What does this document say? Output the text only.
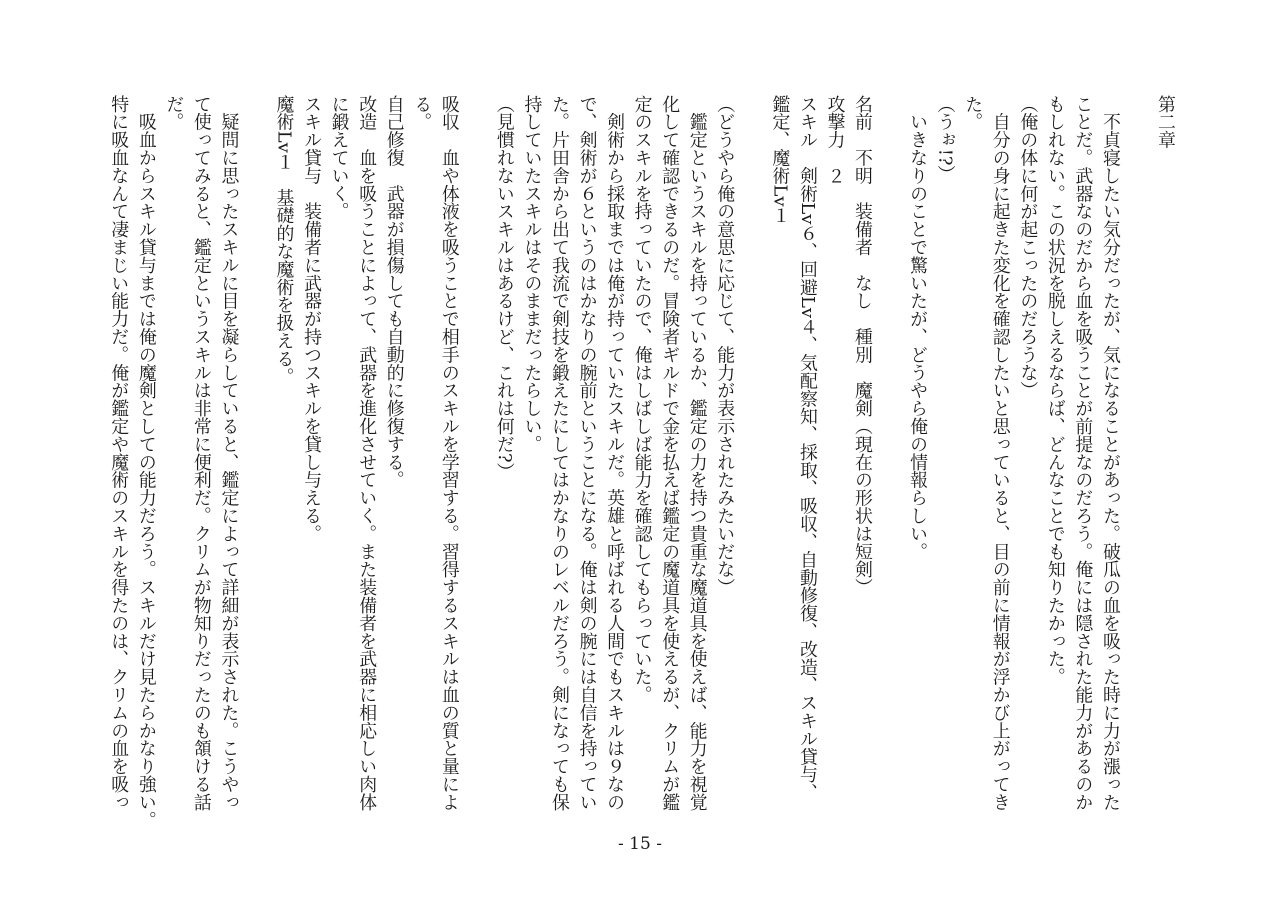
第二章
　不貞寝したい気分だったが、気になることがあった。破瓜の血を吸った時に力が漲った
ことだ。武器なのだから血を吸うことが前提なのだろう。俺には隠された能力があるのか
もしれない。この状況を脱しえるならば、どんなことでも知りたかった。
（俺の体に何が起こったのだろうな）
　自分の身に起きた変化を確認したいと思っていると、目の前に情報が浮かび上がってき
た。
（うぉ!?）
　いきなりのことで驚いたが、どうやら俺の情報らしい。
名前　不明　装備者　なし　種別　魔剣（現在の形状は短剣）
攻撃力　２
スキル　剣術Lv６、回避Lv４、気配察知、採取、吸収、自動修復、改造、スキル貸与、
鑑定、魔術Lv１
（どうやら俺の意思に応じて、能力が表示されたみたいだな）
　鑑定というスキルを持っているか、鑑定の力を持つ貴重な魔道具を使えば、能力を視覚
化して確認できるのだ。冒険者ギルドで金を払えば鑑定の魔道具を使えるが、クリムが鑑
定のスキルを持っていたので、俺はしばしば能力を確認してもらっていた。
　剣術から採取までは俺が持っていたスキルだ。英雄と呼ばれる人間でもスキルは９なの
で、剣術が６というのはかなりの腕前ということになる。俺は剣の腕には自信を持ってい
た。片田舎から出て我流で剣技を鍛えたにしてはかなりのレベルだろう。剣になっても保
持していたスキルはそのままだったらしい。
（見慣れないスキルはあるけど、これは何だ?）
吸収　血や体液を吸うことで相手のスキルを学習する。習得するスキルは血の質と量によ
る。
自己修復　武器が損傷しても自動的に修復する。
改造　血を吸うことによって、武器を進化させていく。また装備者を武器に相応しい肉体
に鍛えていく。
スキル貸与　装備者に武器が持つスキルを貸し与える。
魔術Lv１　基礎的な魔術を扱える。
　疑問に思ったスキルに目を凝らしていると、鑑定によって詳細が表示された。こうやっ
て使ってみると、鑑定というスキルは非常に便利だ。クリムが物知りだったのも頷ける話
だ。
　吸血からスキル貸与までは俺の魔剣としての能力だろう。スキルだけ見たらかなり強い。
特に吸血なんて凄まじい能力だ。俺が鑑定や魔術のスキルを得たのは、クリムの血を吸っ
- 15 -
